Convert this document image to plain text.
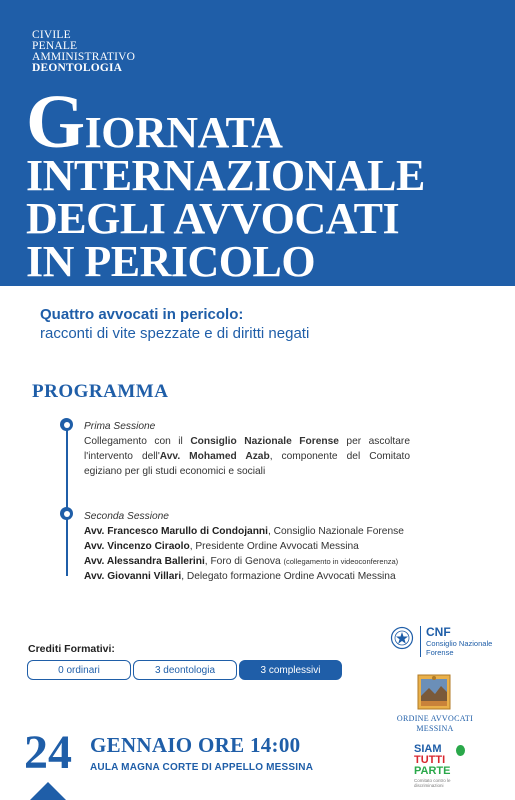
CIVILE
PENALE
AMMINISTRATIVO
DEONTOLOGIA
GIORNATA
INTERNAZIONALE
DEGLI AVVOCATI
IN PERICOLO
Quattro avvocati in pericolo:
racconti di vite spezzate e di diritti negati
PROGRAMMA
Prima Sessione
Collegamento con il Consiglio Nazionale Forense per ascoltare l'intervento dell'Avv. Mohamed Azab, componente del Comitato egiziano per gli studi economici e sociali
Seconda Sessione
Avv. Francesco Marullo di Condojanni, Consiglio Nazionale Forense
Avv. Vincenzo Ciraolo, Presidente Ordine Avvocati Messina
Avv. Alessandra Ballerini, Foro di Genova (collegamento in videoconferenza)
Avv. Giovanni Villari, Delegato formazione Ordine Avvocati Messina
Crediti Formativi:
0 ordinari	3 deontologia	3 complessivi
24 GENNAIO ORE 14:00
AULA MAGNA CORTE DI APPELLO MESSINA
CNF
Consiglio Nazionale
Forense
ORDINE AVVOCATI
MESSINA
SIAM
TUTTI
PARTE
Comitato contro le discriminazioni
